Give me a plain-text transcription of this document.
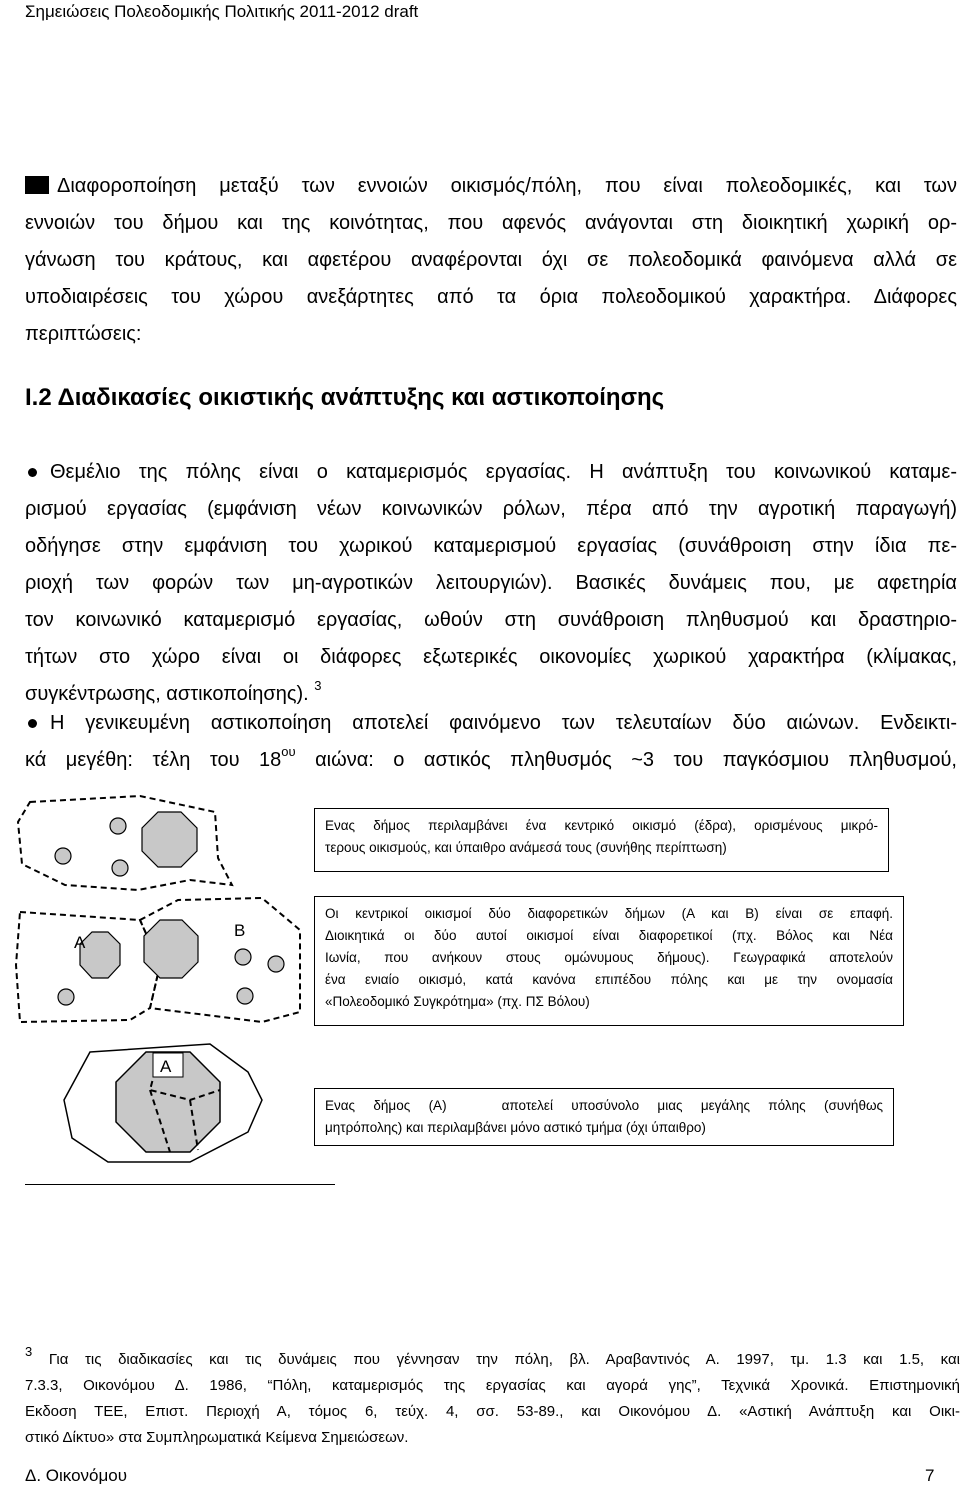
Σημειώσεις Πολεοδομικής Πολιτικής 2011-2012 draft
Διαφοροποίηση μεταξύ των εννοιών οικισμός/πόλη, που είναι πολεοδομικές, και των
εννοιών του δήμου και της κοινότητας, που αφενός ανάγονται στη διοικητική χωρική ορ-
γάνωση του κράτους, και αφετέρου αναφέρονται όχι σε πολεοδομικά φαινόμενα αλλά σε
υποδιαιρέσεις του χώρου ανεξάρτητες από τα όρια πολεοδομικού χαρακτήρα. Διάφορες
περιπτώσεις:
Ι.2 Διαδικασίες οικιστικής ανάπτυξης και αστικοποίησης
Θεμέλιο της πόλης είναι ο καταμερισμός εργασίας. Η ανάπτυξη του κοινωνικού καταμε-
ρισμού εργασίας (εμφάνιση νέων κοινωνικών ρόλων, πέρα από την αγροτική παραγωγή)
οδήγησε στην εμφάνιση του χωρικού καταμερισμού εργασίας (συνάθροιση στην ίδια πε-
ριοχή των φορών των μη-αγροτικών λειτουργιών). Βασικές δυνάμεις που, με αφετηρία
τον κοινωνικό καταμερισμό εργασίας, ωθούν στη συνάθροιση πληθυσμού και δραστηριο-
τήτων στο χώρο είναι οι διάφορες εξωτερικές οικονομίες χωρικού χαρακτήρα (κλίμακας,
συγκέντρωσης, αστικοποίησης). $^3$
Η γενικευμένη αστικοποίηση αποτελεί φαινόμενο των τελευταίων δύο αιώνων. Ενδεικτι-
κά μεγέθη: τέλη του $18^{o\upsilon}$ αιώνα: ο αστικός πληθυσμός ~3 του παγκόσμιου πληθυσμού,
Α
Β
Α
Ενας δήμος περιλαμβάνει ένα κεντρικό οικισμό (έδρα), ορισμένους μικρό-
τερους οικισμούς, και ύπαιθρο ανάμεσά τους (συνήθης περίπτωση)
Οι κεντρικοί οικισμοί δύο διαφορετικών δήμων (Α και Β) είναι σε επαφή.
Διοικητικά οι δύο αυτοί οικισμοί είναι διαφορετικοί (πχ. Βόλος και Νέα
Ιωνία, που ανήκουν στους ομώνυμους δήμους). Γεωγραφικά αποτελούν
ένα ενιαίο οικισμό, κατά κανόνα επιπέδου πόλης και με την ονομασία
«Πολεοδομικό Συγκρότημα» (πχ. ΠΣ Βόλου)
Ενας δήμος (Α)   αποτελεί υποσύνολο μιας μεγάλης πόλης (συνήθως
μητρόπολης) και περιλαμβάνει μόνο αστικό τμήμα (όχι ύπαιθρο)
$^3$ Για τις διαδικασίες και τις δυνάμεις που γέννησαν την πόλη, βλ. Αραβαντινός Α. 1997, τμ. 1.3 και 1.5, και
7.3.3, Οικονόμου Δ. 1986, “Πόλη, καταμερισμός της εργασίας και αγορά γης”, Τεχνικά Χρονικά. Επιστημονική
Εκδοση ΤΕΕ, Επιστ. Περιοχή Α, τόμος 6, τεύχ. 4, σσ. 53-89., και Οικονόμου Δ. «Αστική Ανάπτυξη και Οικι-
στικό Δίκτυο» στα Συμπληρωματικά Κείμενα Σημειώσεων.
Δ. Οικονόμου	7
